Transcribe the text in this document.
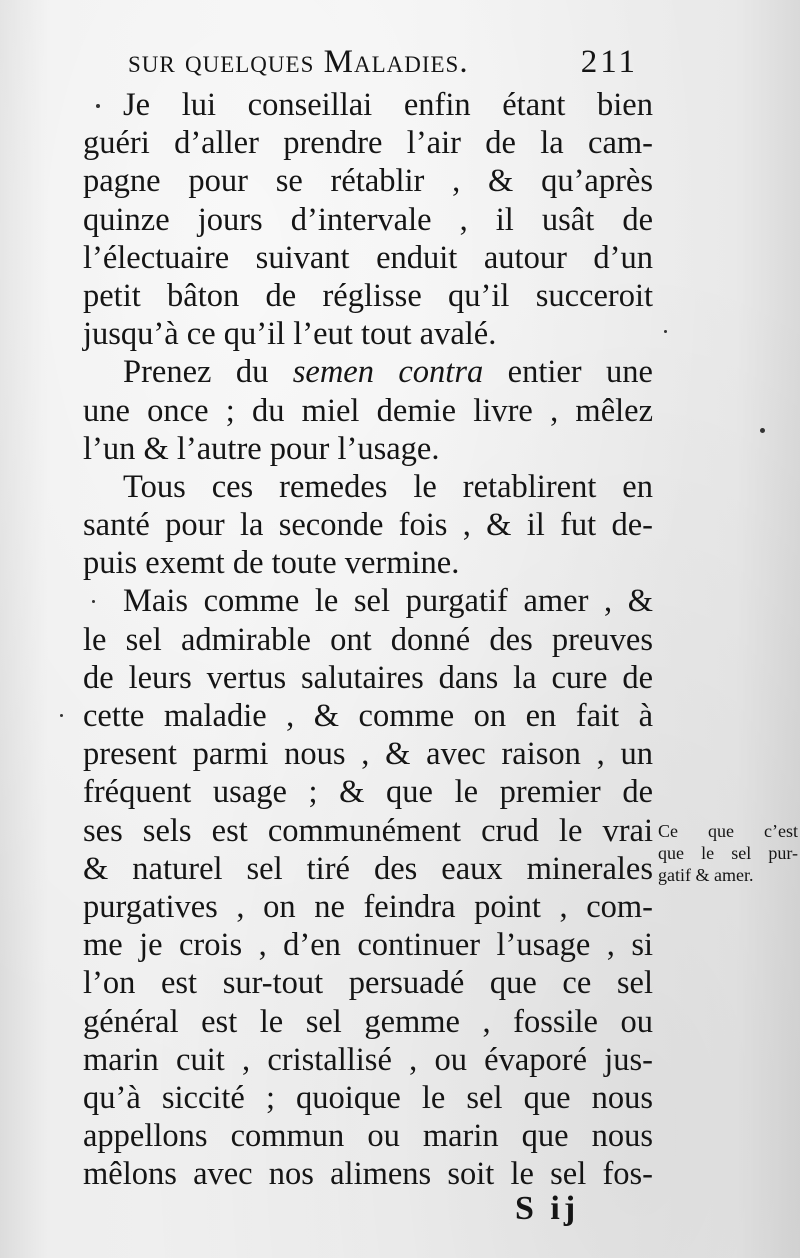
sur quelques Maladies.	211
Je lui conseillai enfin étant bien
guéri d’aller prendre l’air de la cam-
pagne pour se rétablir , & qu’après
quinze jours d’intervale , il usât de
l’électuaire suivant enduit autour d’un
petit bâton de réglisse qu’il succeroit
jusqu’à ce qu’il l’eut tout avalé.
Prenez du semen contra entier une
une once ; du miel demie livre , mêlez
l’un & l’autre pour l’usage.
Tous ces remedes le retablirent en
santé pour la seconde fois , & il fut de-
puis exemt de toute vermine.
Mais comme le sel purgatif amer , &
le sel admirable ont donné des preuves
de leurs vertus salutaires dans la cure de
cette maladie , & comme on en fait à
present parmi nous , & avec raison , un
fréquent usage ; & que le premier de
ses sels est communément crud le vrai
& naturel sel tiré des eaux minerales
purgatives , on ne feindra point , com-
me je crois , d’en continuer l’usage , si
l’on est sur-tout persuadé que ce sel
général est le sel gemme , fossile ou
marin cuit , cristallisé , ou évaporé jus-
qu’à siccité ; quoique le sel que nous
appellons commun ou marin que nous
mêlons avec nos alimens soit le sel fos-
Ce que c’est
que le sel pur-
gatif & amer.
S ij
